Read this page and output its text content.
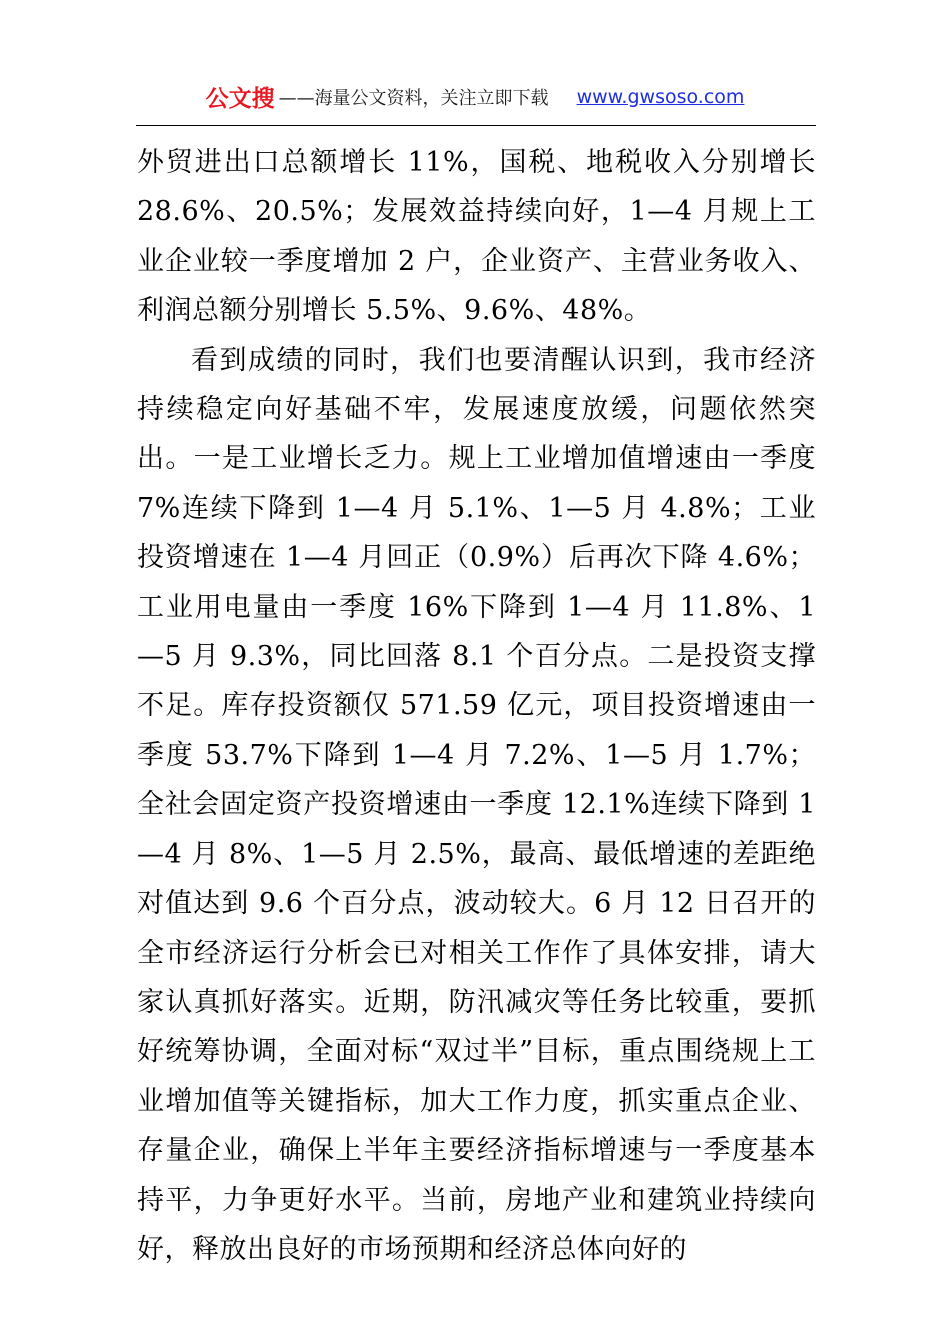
公文搜 ——海量公文资料，关注立即下载 www.gwsoso.com

外贸进出口总额增长 11%，国税、地税收入分别增长 28.6%、20.5%；发展效益持续向好，1—4 月规上工业企业较一季度增加 2 户，企业资产、主营业务收入、利润总额分别增长 5.5%、9.6%、48%。

看到成绩的同时，我们也要清醒认识到，我市经济持续稳定向好基础不牢，发展速度放缓，问题依然突出。一是工业增长乏力。规上工业增加值增速由一季度 7%连续下降到 1—4 月 5.1%、1—5 月 4.8%；工业投资增速在 1—4 月回正（0.9%）后再次下降 4.6%；工业用电量由一季度 16%下降到 1—4 月 11.8%、1—5 月 9.3%，同比回落 8.1 个百分点。二是投资支撑不足。库存投资额仅 571.59 亿元，项目投资增速由一季度 53.7%下降到 1—4 月 7.2%、1—5 月 1.7%；全社会固定资产投资增速由一季度 12.1%连续下降到 1—4 月 8%、1—5 月 2.5%，最高、最低增速的差距绝对值达到 9.6 个百分点，波动较大。6 月 12 日召开的全市经济运行分析会已对相关工作作了具体安排，请大家认真抓好落实。近期，防汛减灾等任务比较重，要抓好统筹协调，全面对标“双过半”目标，重点围绕规上工业增加值等关键指标，加大工作力度，抓实重点企业、存量企业，确保上半年主要经济指标增速与一季度基本持平，力争更好水平。当前，房地产业和建筑业持续向好，释放出良好的市场预期和经济总体向好的
